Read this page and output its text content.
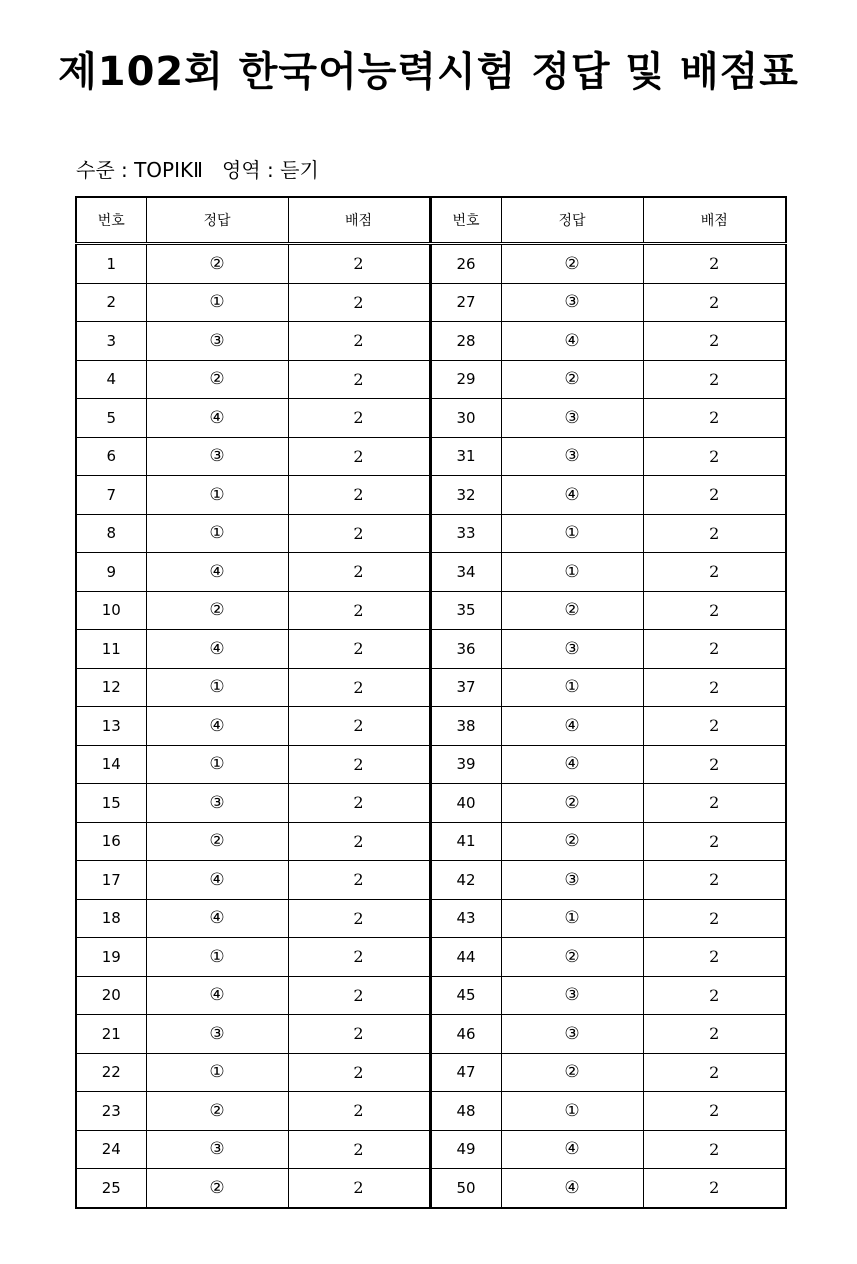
제102회 한국어능력시험 정답 및 배점표
수준 : TOPIKⅡ   영역 : 듣기
번호	정답	배점	번호	정답	배점
1	②	2	26	②	2
2	①	2	27	③	2
3	③	2	28	④	2
4	②	2	29	②	2
5	④	2	30	③	2
6	③	2	31	③	2
7	①	2	32	④	2
8	①	2	33	①	2
9	④	2	34	①	2
10	②	2	35	②	2
11	④	2	36	③	2
12	①	2	37	①	2
13	④	2	38	④	2
14	①	2	39	④	2
15	③	2	40	②	2
16	②	2	41	②	2
17	④	2	42	③	2
18	④	2	43	①	2
19	①	2	44	②	2
20	④	2	45	③	2
21	③	2	46	③	2
22	①	2	47	②	2
23	②	2	48	①	2
24	③	2	49	④	2
25	②	2	50	④	2
